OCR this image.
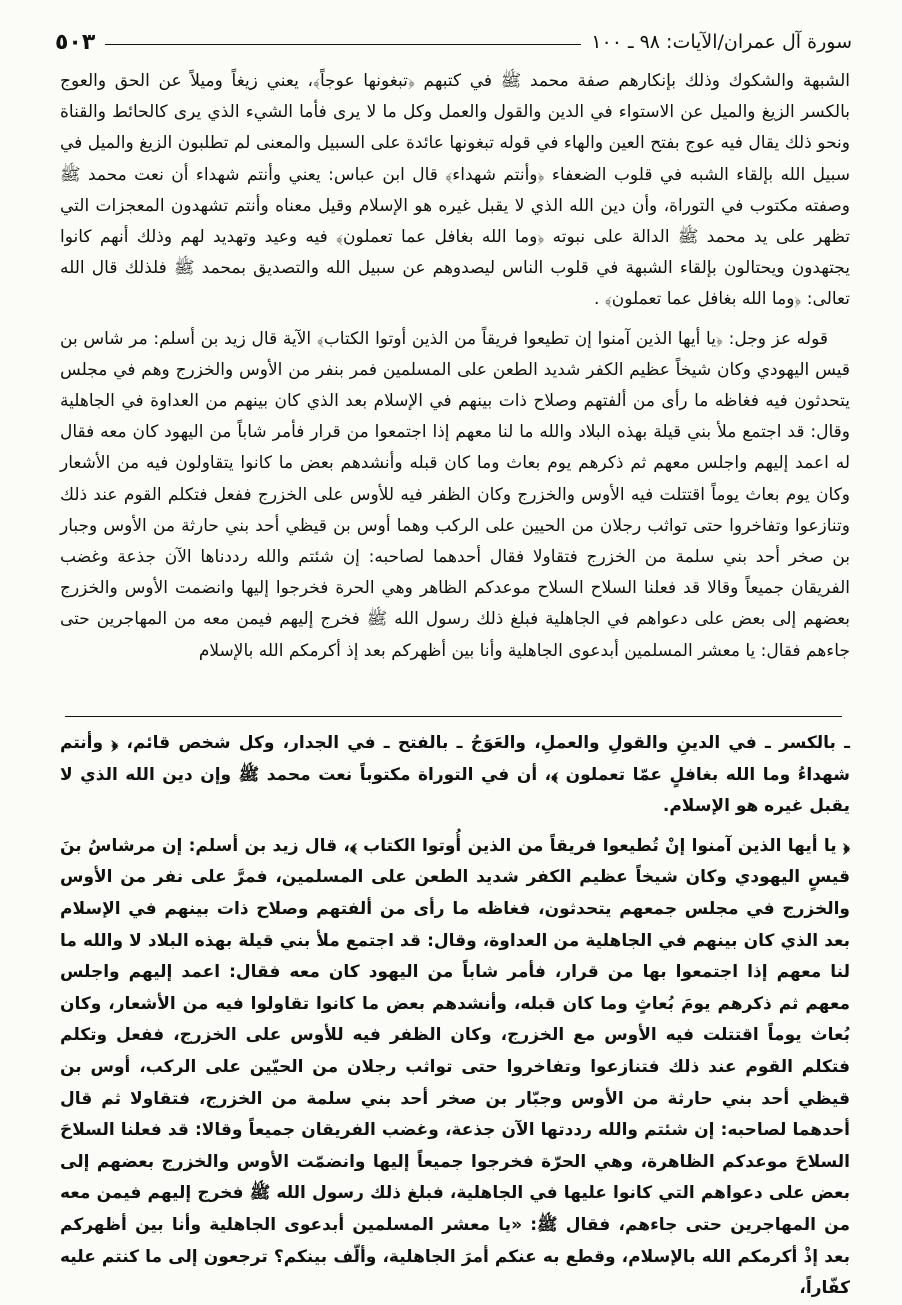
سورة آل عمران/الآيات: ٩٨ ـ ١٠٠
٥٠٣

الشبهة والشكوك وذلك بإنكارهم صفة محمد ﷺ في كتبهم ﴿تبغونها عوجاً﴾، يعني زيغاً وميلاً عن الحق والعوج بالكسر الزيغ والميل عن الاستواء في الدين والقول والعمل وكل ما لا يرى فأما الشيء الذي يرى كالحائط والقناة ونحو ذلك يقال فيه عوج بفتح العين والهاء في قوله تبغونها عائدة على السبيل والمعنى لم تطلبون الزيغ والميل في سبيل الله بإلقاء الشبه في قلوب الضعفاء ﴿وأنتم شهداء﴾ قال ابن عباس: يعني وأنتم شهداء أن نعت محمد ﷺ وصفته مكتوب في التوراة، وأن دين الله الذي لا يقبل غيره هو الإسلام وقيل معناه وأنتم تشهدون المعجزات التي تظهر على يد محمد ﷺ الدالة على نبوته ﴿وما الله بغافل عما تعملون﴾ فيه وعيد وتهديد لهم وذلك أنهم كانوا يجتهدون ويحتالون بإلقاء الشبهة في قلوب الناس ليصدوهم عن سبيل الله والتصديق بمحمد ﷺ فلذلك قال الله تعالى: ﴿وما الله بغافل عما تعملون﴾ .

قوله عز وجل: ﴿يا أيها الذين آمنوا إن تطيعوا فريقاً من الذين أوتوا الكتاب﴾ الآية قال زيد بن أسلم: مر شاس بن قيس اليهودي وكان شيخاً عظيم الكفر شديد الطعن على المسلمين فمر بنفر من الأوس والخزرج وهم في مجلس يتحدثون فيه فغاظه ما رأى من ألفتهم وصلاح ذات بينهم في الإسلام بعد الذي كان بينهم من العداوة في الجاهلية وقال: قد اجتمع ملأ بني قيلة بهذه البلاد والله ما لنا معهم إذا اجتمعوا من قرار فأمر شاباً من اليهود كان معه فقال له اعمد إليهم واجلس معهم ثم ذكرهم يوم بعاث وما كان قبله وأنشدهم بعض ما كانوا يتقاولون فيه من الأشعار وكان يوم بعاث يوماً اقتتلت فيه الأوس والخزرج وكان الظفر فيه للأوس على الخزرج ففعل فتكلم القوم عند ذلك وتنازعوا وتفاخروا حتى تواثب رجلان من الحيين على الركب وهما أوس بن قيظي أحد بني حارثة من الأوس وجبار بن صخر أحد بني سلمة من الخزرج فتقاولا فقال أحدهما لصاحبه: إن شئتم والله رددناها الآن جذعة وغضب الفريقان جميعاً وقالا قد فعلنا السلاح السلاح موعدكم الظاهر وهي الحرة فخرجوا إليها وانضمت الأوس والخزرج بعضهم إلى بعض على دعواهم في الجاهلية فبلغ ذلك رسول الله ﷺ فخرج إليهم فيمن معه من المهاجرين حتى جاءهم فقال: يا معشر المسلمين أبدعوى الجاهلية وأنا بين أظهركم بعد إذ أكرمكم الله بالإسلام

ـ بالكسر ـ في الدينِ والقولِ والعملِ، والعَوَجُ ـ بالفتح ـ في الجدار، وكل شخص قائم، ﴿ وأنتم شهداءُ وما الله بغافلٍ عمّا تعملون ﴾، أن في التوراة مكتوباً نعت محمد ﷺ وإن دين الله الذي لا يقبل غيره هو الإسلام.

﴿ يا أيها الذين آمنوا إنْ تُطيعوا فريقاً من الذين أُوتوا الكتاب ﴾، قال زيد بن أسلم: إن مرشاسُ بنَ قيسٍ اليهودي وكان شيخاً عظيم الكفر شديد الطعن على المسلمين، فمرَّ على نفر من الأوس والخزرج في مجلس جمعهم يتحدثون، فغاظه ما رأى من ألفتهم وصلاح ذات بينهم في الإسلام بعد الذي كان بينهم في الجاهلية من العداوة، وقال: قد اجتمع ملأ بني قيلة بهذه البلاد لا والله ما لنا معهم إذا اجتمعوا بها من قرار، فأمر شاباً من اليهود كان معه فقال: اعمد إليهم واجلس معهم ثم ذكرهم يومَ بُعاثٍ وما كان قبله، وأنشدهم بعض ما كانوا تقاولوا فيه من الأشعار، وكان بُعاث يوماً اقتتلت فيه الأوس مع الخزرج، وكان الظفر فيه للأوس على الخزرج، ففعل وتكلم فتكلم القوم عند ذلك فتنازعوا وتفاخروا حتى تواثب رجلان من الحيّين على الركب، أوس بن قيظي أحد بني حارثة من الأوس وجبّار بن صخر أحد بني سلمة من الخزرج، فتقاولا ثم قال أحدهما لصاحبه: إن شئتم والله رددتها الآن جذعة، وغضب الفريقان جميعاً وقالا: قد فعلنا السلاحَ السلاحَ موعدكم الظاهرة، وهي الحرّة فخرجوا جميعاً إليها وانضمّت الأوس والخزرج بعضهم إلى بعض على دعواهم التي كانوا عليها في الجاهلية، فبلغ ذلك رسول الله ﷺ فخرج إليهم فيمن معه من المهاجرين حتى جاءهم، فقال ﷺ: «يا معشر المسلمين أبدعوى الجاهلية وأنا بين أظهركم بعد إذْ أكرمكم الله بالإسلام، وقطع به عنكم أمرَ الجاهلية، وألّف بينكم؟ ترجعون إلى ما كنتم عليه كفّاراً،
